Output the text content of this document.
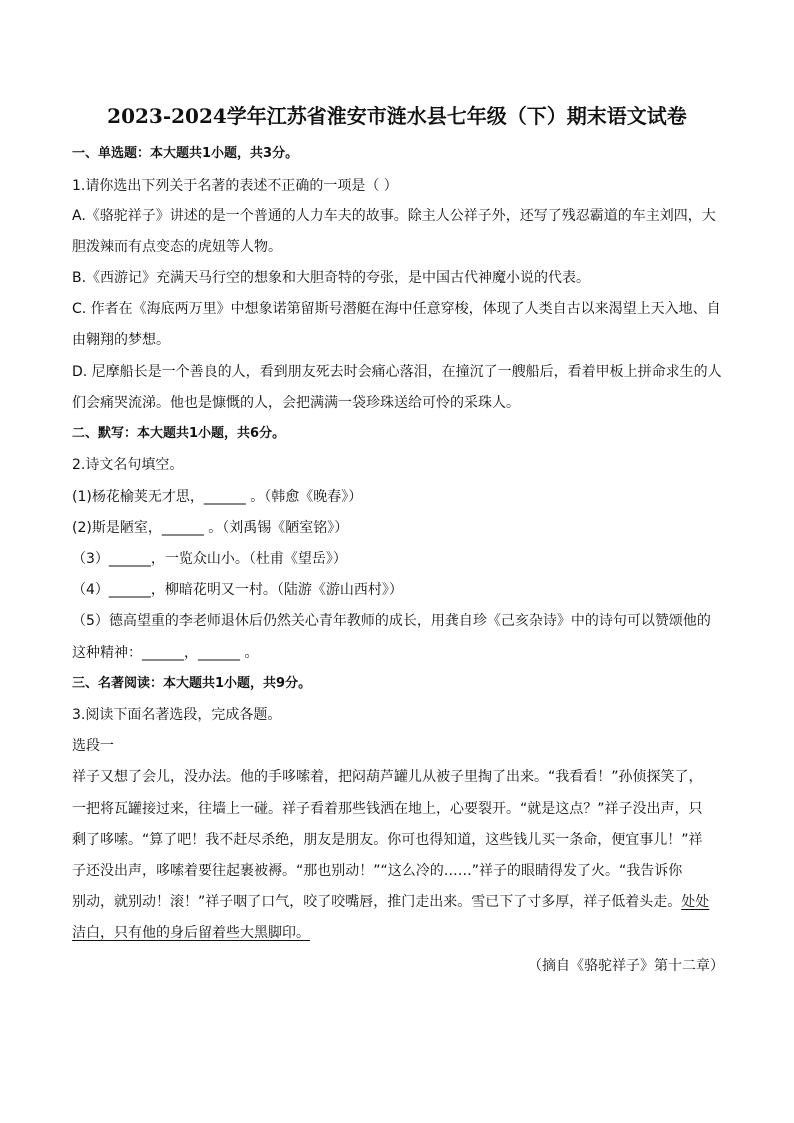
2023-2024学年江苏省淮安市涟水县七年级（下）期末语文试卷
一、单选题：本大题共1小题，共3分。
1.请你选出下列关于名著的表述不正确的一项是（ ）
A.《骆驼祥子》讲述的是一个普通的人力车夫的故事。除主人公祥子外，还写了残忍霸道的车主刘四，大
胆泼辣而有点变态的虎妞等人物。
B.《西游记》充满天马行空的想象和大胆奇特的夸张，是中国古代神魔小说的代表。
C. 作者在《海底两万里》中想象诺第留斯号潜艇在海中任意穿梭，体现了人类自古以来渴望上天入地、自
由翱翔的梦想。
D. 尼摩船长是一个善良的人，看到朋友死去时会痛心落泪，在撞沉了一艘船后，看着甲板上拼命求生的人
们会痛哭流涕。他也是慷慨的人，会把满满一袋珍珠送给可怜的采珠人。
二、默写：本大题共1小题，共6分。
2.诗文名句填空。
(1)杨花榆荚无才思，______ 。（韩愈《晚春》）
(2)斯是陋室，______ 。（刘禹锡《陋室铭》）
（3）______，一览众山小。（杜甫《望岳》）
（4）______，柳暗花明又一村。（陆游《游山西村》）
（5）德高望重的李老师退休后仍然关心青年教师的成长，用龚自珍《己亥杂诗》中的诗句可以赞颂他的
这种精神：______，______ 。
三、名著阅读：本大题共1小题，共9分。
3.阅读下面名著选段，完成各题。
选段一
祥子又想了会儿，没办法。他的手哆嗦着，把闷葫芦罐儿从被子里掏了出来。“我看看！”孙侦探笑了，
一把将瓦罐接过来，往墙上一碰。祥子看着那些钱洒在地上，心要裂开。“就是这点？”祥子没出声，只
剩了哆嗦。“算了吧！我不赶尽杀绝，朋友是朋友。你可也得知道，这些钱儿买一条命，便宜事儿！”祥
子还没出声，哆嗦着要往起裹被褥。“那也别动！”“这么冷的……”祥子的眼睛得发了火。“我告诉你
别动，就别动！滚！”祥子咽了口气，咬了咬嘴唇，推门走出来。雪已下了寸多厚，祥子低着头走。处处
洁白，只有他的身后留着些大黑脚印。
（摘自《骆驼祥子》第十二章）
